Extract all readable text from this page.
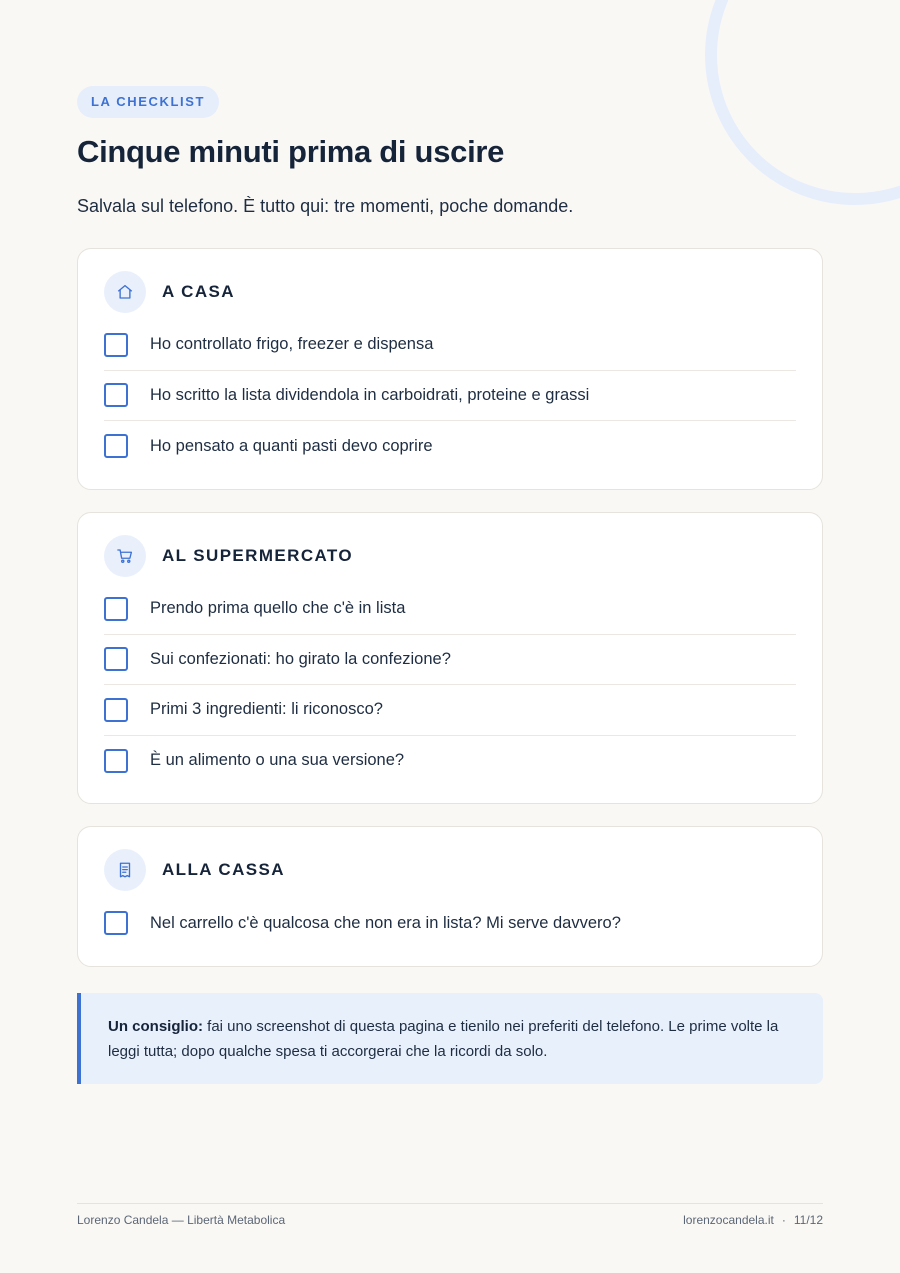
LA CHECKLIST
Cinque minuti prima di uscire

Salvala sul telefono. È tutto qui: tre momenti, poche domande.

A CASA
Ho controllato frigo, freezer e dispensa
Ho scritto la lista dividendola in carboidrati, proteine e grassi
Ho pensato a quanti pasti devo coprire
AL SUPERMERCATO
Prendo prima quello che c'è in lista
Sui confezionati: ho girato la confezione?
Primi 3 ingredienti: li riconosco?
È un alimento o una sua versione?
ALLA CASSA
Nel carrello c'è qualcosa che non era in lista? Mi serve davvero?
Un consiglio: fai uno screenshot di questa pagina e tienilo nei preferiti del telefono. Le prime volte la leggi tutta; dopo qualche spesa ti accorgerai che la ricordi da solo.
Lorenzo Candela — Libertà Metabolica	lorenzocandela.it · 11/12
